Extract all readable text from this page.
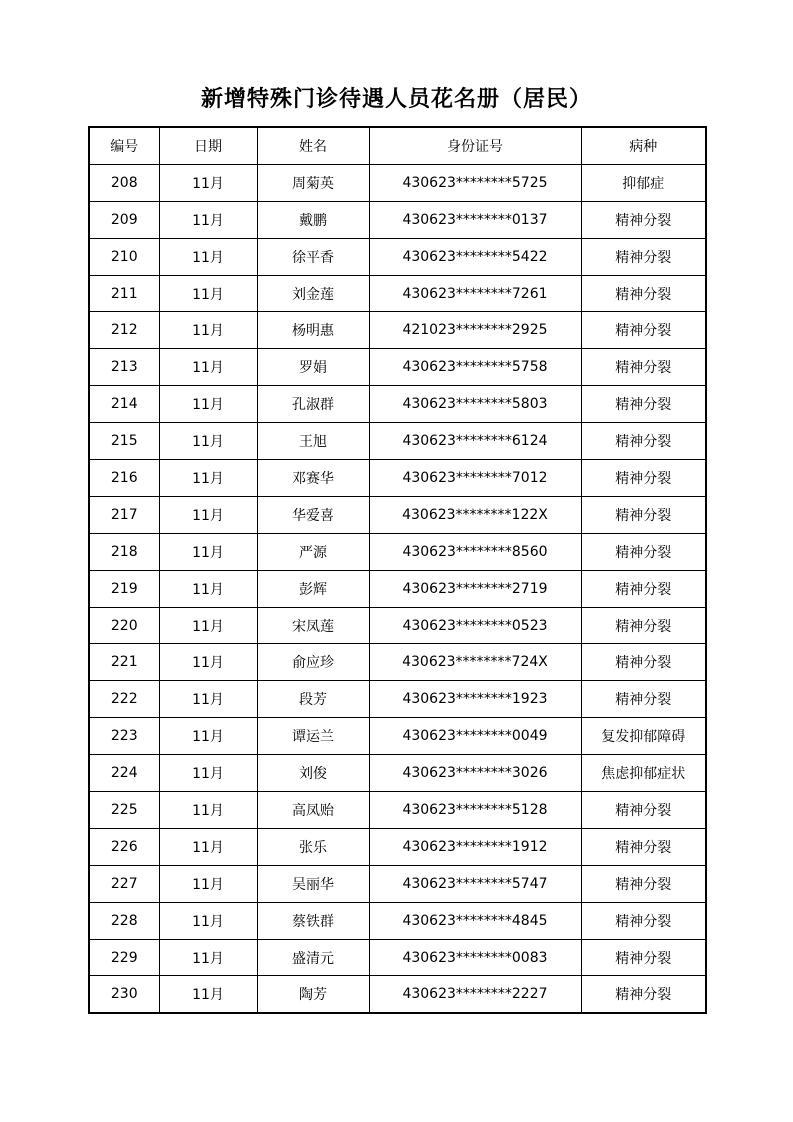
新增特殊门诊待遇人员花名册（居民）
编号	日期	姓名	身份证号	病种
208	11月	周菊英	430623********5725	抑郁症
209	11月	戴鹏	430623********0137	精神分裂
210	11月	徐平香	430623********5422	精神分裂
211	11月	刘金莲	430623********7261	精神分裂
212	11月	杨明惠	421023********2925	精神分裂
213	11月	罗娟	430623********5758	精神分裂
214	11月	孔淑群	430623********5803	精神分裂
215	11月	王旭	430623********6124	精神分裂
216	11月	邓赛华	430623********7012	精神分裂
217	11月	华爱喜	430623********122X	精神分裂
218	11月	严源	430623********8560	精神分裂
219	11月	彭辉	430623********2719	精神分裂
220	11月	宋凤莲	430623********0523	精神分裂
221	11月	俞应珍	430623********724X	精神分裂
222	11月	段芳	430623********1923	精神分裂
223	11月	谭运兰	430623********0049	复发抑郁障碍
224	11月	刘俊	430623********3026	焦虑抑郁症状
225	11月	高凤贻	430623********5128	精神分裂
226	11月	张乐	430623********1912	精神分裂
227	11月	吴丽华	430623********5747	精神分裂
228	11月	蔡铁群	430623********4845	精神分裂
229	11月	盛清元	430623********0083	精神分裂
230	11月	陶芳	430623********2227	精神分裂
